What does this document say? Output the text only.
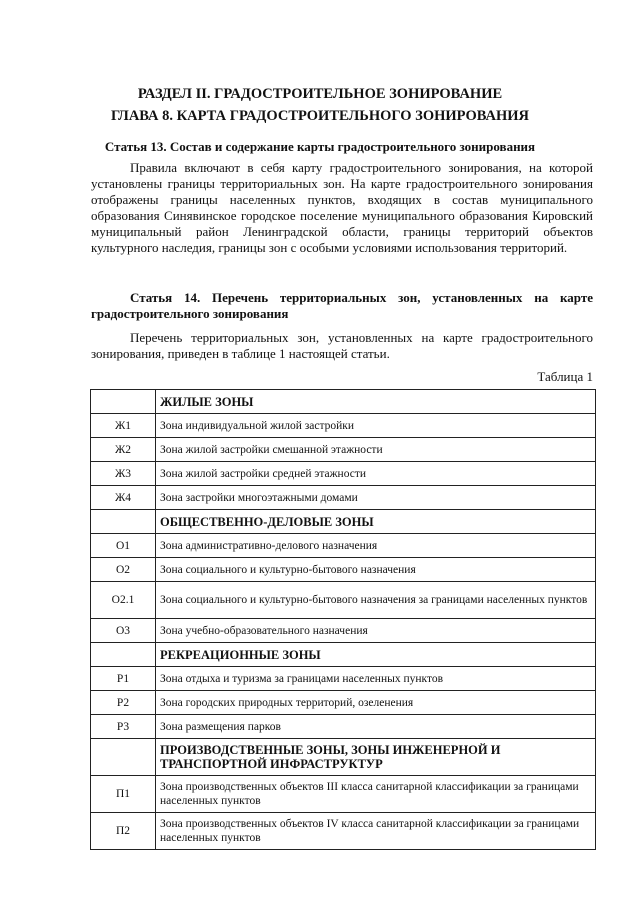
РАЗДЕЛ II. ГРАДОСТРОИТЕЛЬНОЕ ЗОНИРОВАНИЕ
ГЛАВА 8. КАРТА ГРАДОСТРОИТЕЛЬНОГО ЗОНИРОВАНИЯ
Статья 13. Состав и содержание карты градостроительного зонирования
Правила включают в себя карту градостроительного зонирования, на которой установлены границы территориальных зон. На карте градостроительного зонирования отображены границы населенных пунктов, входящих в состав муниципального образования Синявинское городское поселение муниципального образования Кировский муниципальный район Ленинградской области, границы территорий объектов культурного наследия, границы зон с особыми условиями использования территорий.
Статья 14. Перечень территориальных зон, установленных на карте градостроительного зонирования
Перечень территориальных зон, установленных на карте градостроительного зонирования, приведен в таблице 1 настоящей статьи.
Таблица 1
	ЖИЛЫЕ ЗОНЫ
Ж1	Зона индивидуальной жилой застройки
Ж2	Зона жилой застройки смешанной этажности
Ж3	Зона жилой застройки средней этажности
Ж4	Зона застройки многоэтажными домами
	ОБЩЕСТВЕННО-ДЕЛОВЫЕ ЗОНЫ
О1	Зона административно-делового назначения
О2	Зона социального и культурно-бытового назначения
О2.1	Зона социального и культурно-бытового назначения за границами населенных пунктов
О3	Зона учебно-образовательного назначения
	РЕКРЕАЦИОННЫЕ ЗОНЫ
Р1	Зона отдыха и туризма за границами населенных пунктов
Р2	Зона городских природных территорий, озеленения
Р3	Зона размещения парков
	ПРОИЗВОДСТВЕННЫЕ ЗОНЫ, ЗОНЫ ИНЖЕНЕРНОЙ И ТРАНСПОРТНОЙ ИНФРАСТРУКТУР
П1	Зона производственных объектов III класса санитарной классификации за границами населенных пунктов
П2	Зона производственных объектов IV класса санитарной классификации за границами населенных пунктов
